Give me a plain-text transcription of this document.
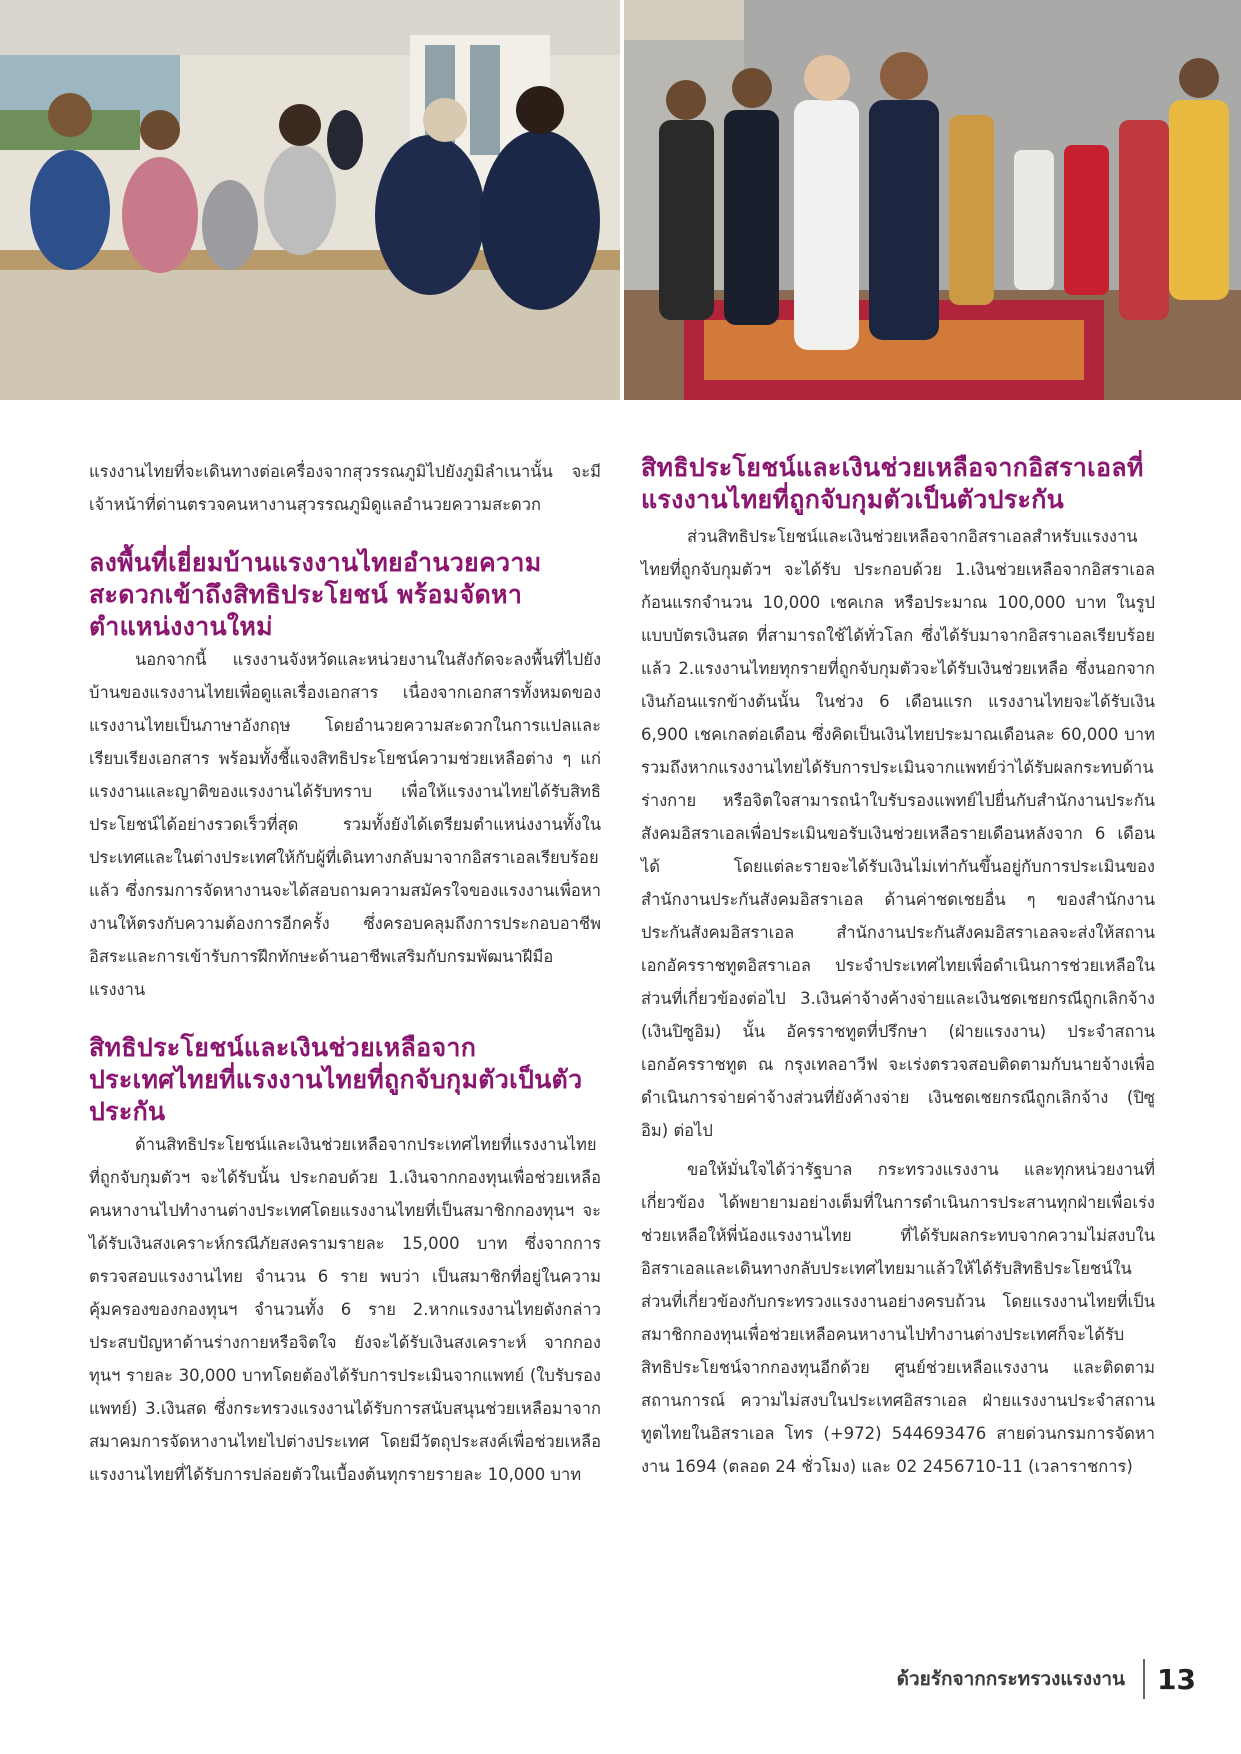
แรงงานไทยที่จะเดินทางต่อเครื่องจากสุวรรณภูมิไปยังภูมิลำเนานั้น จะมีเจ้าหน้าที่ด่านตรวจคนหางานสุวรรณภูมิดูแลอำนวยความสะดวก

ลงพื้นที่เยี่ยมบ้านแรงงานไทยอำนวยความสะดวกเข้าถึงสิทธิประโยชน์ พร้อมจัดหาตำแหน่งงานใหม่

นอกจากนี้ แรงงานจังหวัดและหน่วยงานในสังกัดจะลงพื้นที่ไปยังบ้านของแรงงานไทยเพื่อดูแลเรื่องเอกสาร เนื่องจากเอกสารทั้งหมดของแรงงานไทยเป็นภาษาอังกฤษ โดยอำนวยความสะดวกในการแปลและเรียบเรียงเอกสาร พร้อมทั้งชี้แจงสิทธิประโยชน์ความช่วยเหลือต่าง ๆ แก่แรงงานและญาติของแรงงานได้รับทราบ เพื่อให้แรงงานไทยได้รับสิทธิประโยชน์ได้อย่างรวดเร็วที่สุด รวมทั้งยังได้เตรียมตำแหน่งงานทั้งในประเทศและในต่างประเทศให้กับผู้ที่เดินทางกลับมาจากอิสราเอลเรียบร้อยแล้ว ซึ่งกรมการจัดหางานจะได้สอบถามความสมัครใจของแรงงานเพื่อหางานให้ตรงกับความต้องการอีกครั้ง ซึ่งครอบคลุมถึงการประกอบอาชีพอิสระและการเข้ารับการฝึกทักษะด้านอาชีพเสริมกับกรมพัฒนาฝีมือแรงงาน

สิทธิประโยชน์และเงินช่วยเหลือจากประเทศไทยที่แรงงานไทยที่ถูกจับกุมตัวเป็นตัวประกัน

ด้านสิทธิประโยชน์และเงินช่วยเหลือจากประเทศไทยที่แรงงานไทยที่ถูกจับกุมตัวฯ จะได้รับนั้น ประกอบด้วย 1.เงินจากกองทุนเพื่อช่วยเหลือคนหางานไปทำงานต่างประเทศโดยแรงงานไทยที่เป็นสมาชิกกองทุนฯ จะได้รับเงินสงเคราะห์กรณีภัยสงครามรายละ 15,000 บาท ซึ่งจากการตรวจสอบแรงงานไทย จำนวน 6 ราย พบว่า เป็นสมาชิกที่อยู่ในความคุ้มครองของกองทุนฯ จำนวนทั้ง 6 ราย 2.หากแรงงานไทยดังกล่าวประสบปัญหาด้านร่างกายหรือจิตใจ ยังจะได้รับเงินสงเคราะห์ จากกองทุนฯ รายละ 30,000 บาทโดยต้องได้รับการประเมินจากแพทย์ (ใบรับรองแพทย์) 3.เงินสด ซึ่งกระทรวงแรงงานได้รับการสนับสนุนช่วยเหลือมาจากสมาคมการจัดหางานไทยไปต่างประเทศ โดยมีวัตถุประสงค์เพื่อช่วยเหลือแรงงานไทยที่ได้รับการปล่อยตัวในเบื้องต้นทุกรายรายละ 10,000 บาท

สิทธิประโยชน์และเงินช่วยเหลือจากอิสราเอลที่แรงงานไทยที่ถูกจับกุมตัวเป็นตัวประกัน

ส่วนสิทธิประโยชน์และเงินช่วยเหลือจากอิสราเอลสำหรับแรงงานไทยที่ถูกจับกุมตัวฯ จะได้รับ ประกอบด้วย 1.เงินช่วยเหลือจากอิสราเอลก้อนแรกจำนวน 10,000 เชคเกล หรือประมาณ 100,000 บาท ในรูปแบบบัตรเงินสด ที่สามารถใช้ได้ทั่วโลก ซึ่งได้รับมาจากอิสราเอลเรียบร้อยแล้ว 2.แรงงานไทยทุกรายที่ถูกจับกุมตัวจะได้รับเงินช่วยเหลือ ซึ่งนอกจากเงินก้อนแรกข้างต้นนั้น ในช่วง 6 เดือนแรก แรงงานไทยจะได้รับเงิน 6,900 เชคเกลต่อเดือน ซึ่งคิดเป็นเงินไทยประมาณเดือนละ 60,000 บาท รวมถึงหากแรงงานไทยได้รับการประเมินจากแพทย์ว่าได้รับผลกระทบด้านร่างกาย หรือจิตใจสามารถนำใบรับรองแพทย์ไปยื่นกับสำนักงานประกันสังคมอิสราเอลเพื่อประเมินขอรับเงินช่วยเหลือรายเดือนหลังจาก 6 เดือนได้ โดยแต่ละรายจะได้รับเงินไม่เท่ากันขึ้นอยู่กับการประเมินของสำนักงานประกันสังคมอิสราเอล ด้านค่าชดเชยอื่น ๆ ของสำนักงานประกันสังคมอิสราเอล สำนักงานประกันสังคมอิสราเอลจะส่งให้สถานเอกอัครราชทูตอิสราเอล ประจำประเทศไทยเพื่อดำเนินการช่วยเหลือในส่วนที่เกี่ยวข้องต่อไป 3.เงินค่าจ้างค้างจ่ายและเงินชดเชยกรณีถูกเลิกจ้าง (เงินปิซูอิม) นั้น อัครราชทูตที่ปรึกษา (ฝ่ายแรงงาน) ประจำสถานเอกอัครราชทูต ณ กรุงเทลอาวีฟ จะเร่งตรวจสอบติดตามกับนายจ้างเพื่อดำเนินการจ่ายค่าจ้างส่วนที่ยังค้างจ่าย เงินชดเชยกรณีถูกเลิกจ้าง (ปิซูอิม) ต่อไป

ขอให้มั่นใจได้ว่ารัฐบาล กระทรวงแรงงาน และทุกหน่วยงานที่เกี่ยวข้อง ได้พยายามอย่างเต็มที่ในการดำเนินการประสานทุกฝ่ายเพื่อเร่งช่วยเหลือให้พี่น้องแรงงานไทย ที่ได้รับผลกระทบจากความไม่สงบในอิสราเอลและเดินทางกลับประเทศไทยมาแล้วให้ได้รับสิทธิประโยชน์ในส่วนที่เกี่ยวข้องกับกระทรวงแรงงานอย่างครบถ้วน โดยแรงงานไทยที่เป็นสมาชิกกองทุนเพื่อช่วยเหลือคนหางานไปทำงานต่างประเทศก็จะได้รับสิทธิประโยชน์จากกองทุนอีกด้วย ศูนย์ช่วยเหลือแรงงาน และติดตามสถานการณ์ ความไม่สงบในประเทศอิสราเอล ฝ่ายแรงงานประจำสถานทูตไทยในอิสราเอล โทร (+972) 544693476 สายด่วนกรมการจัดหางาน 1694 (ตลอด 24 ชั่วโมง) และ 02 2456710-11 (เวลาราชการ)

ด้วยรักจากกระทรวงแรงงาน	13
